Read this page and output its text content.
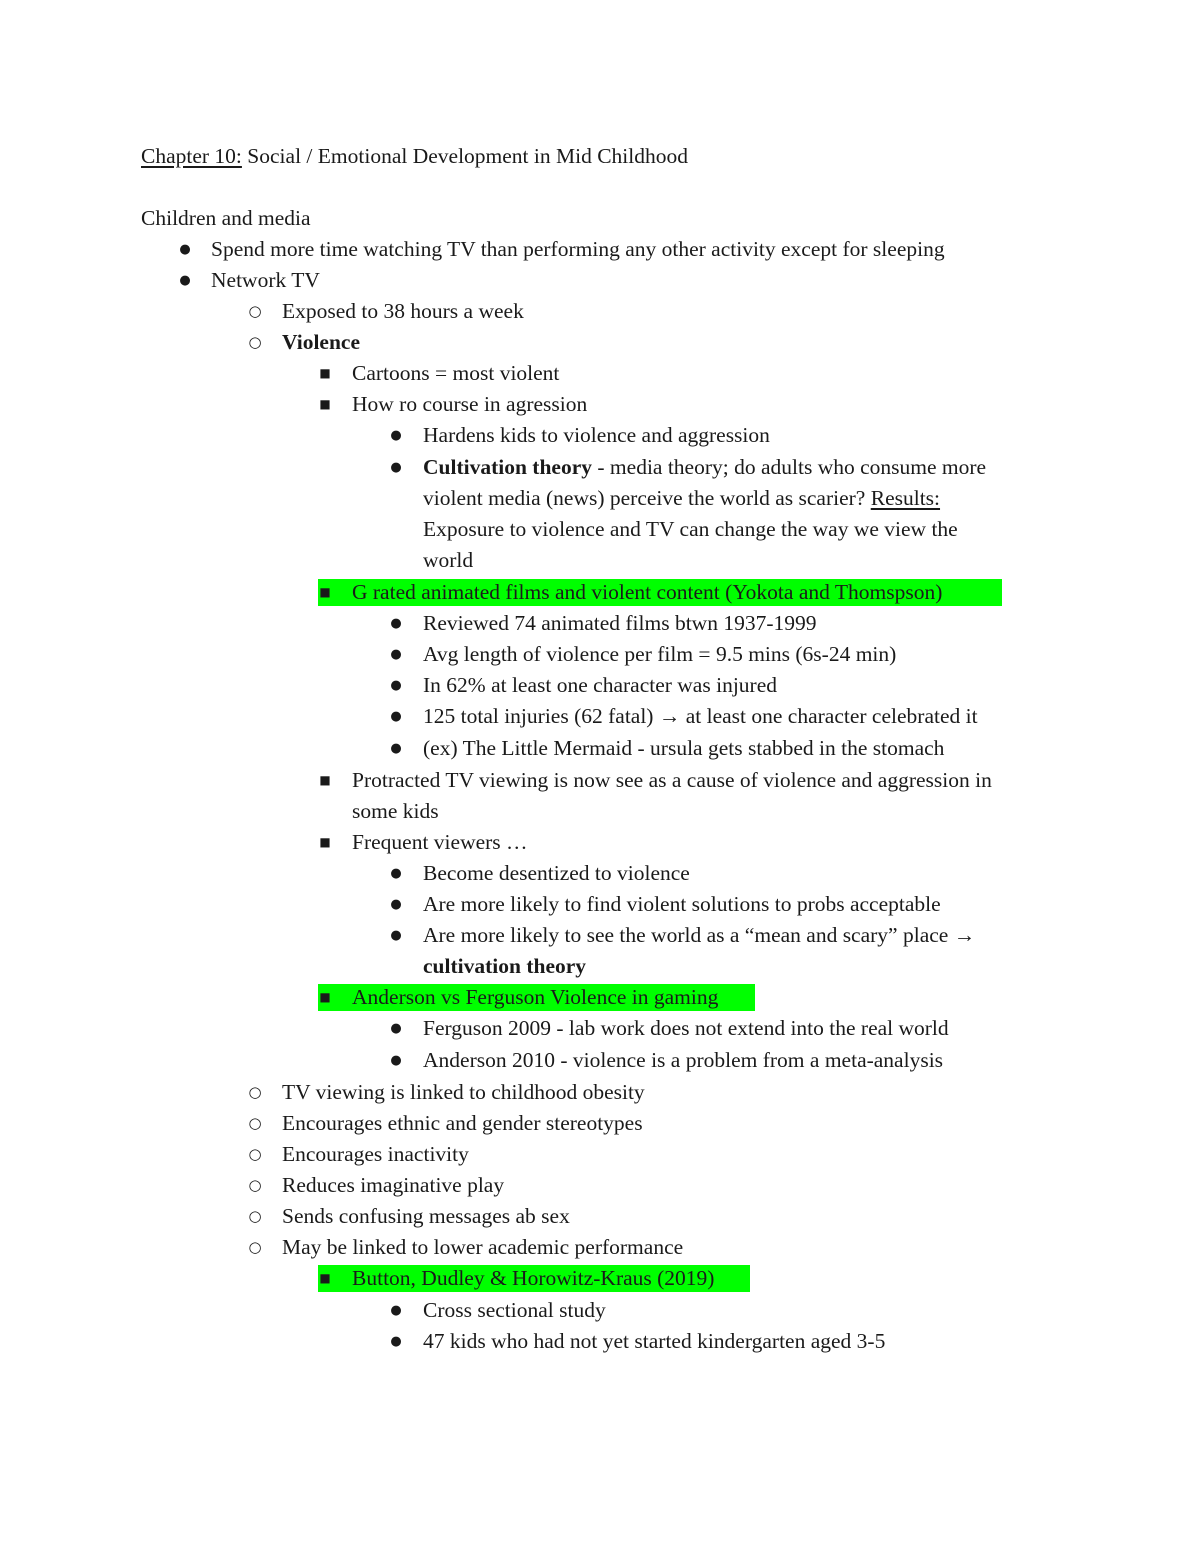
Chapter 10: Social / Emotional Development in Mid Childhood
Children and media
● Spend more time watching TV than performing any other activity except for sleeping
● Network TV
○ Exposed to 38 hours a week
○ Violence
■ Cartoons = most violent
■ How ro course in agression
● Hardens kids to violence and aggression
● Cultivation theory - media theory; do adults who consume more
violent media (news) perceive the world as scarier? Results:
Exposure to violence and TV can change the way we view the
world
■ G rated animated films and violent content (Yokota and Thomspson)
● Reviewed 74 animated films btwn 1937-1999
● Avg length of violence per film = 9.5 mins (6s-24 min)
● In 62% at least one character was injured
● 125 total injuries (62 fatal) → at least one character celebrated it
● (ex) The Little Mermaid - ursula gets stabbed in the stomach
■ Protracted TV viewing is now see as a cause of violence and aggression in
some kids
■ Frequent viewers …
● Become desentized to violence
● Are more likely to find violent solutions to probs acceptable
● Are more likely to see the world as a “mean and scary” place →
cultivation theory
■ Anderson vs Ferguson Violence in gaming
● Ferguson 2009 - lab work does not extend into the real world
● Anderson 2010 - violence is a problem from a meta-analysis
○ TV viewing is linked to childhood obesity
○ Encourages ethnic and gender stereotypes
○ Encourages inactivity
○ Reduces imaginative play
○ Sends confusing messages ab sex
○ May be linked to lower academic performance
■ Button, Dudley & Horowitz-Kraus (2019)
● Cross sectional study
● 47 kids who had not yet started kindergarten aged 3-5
